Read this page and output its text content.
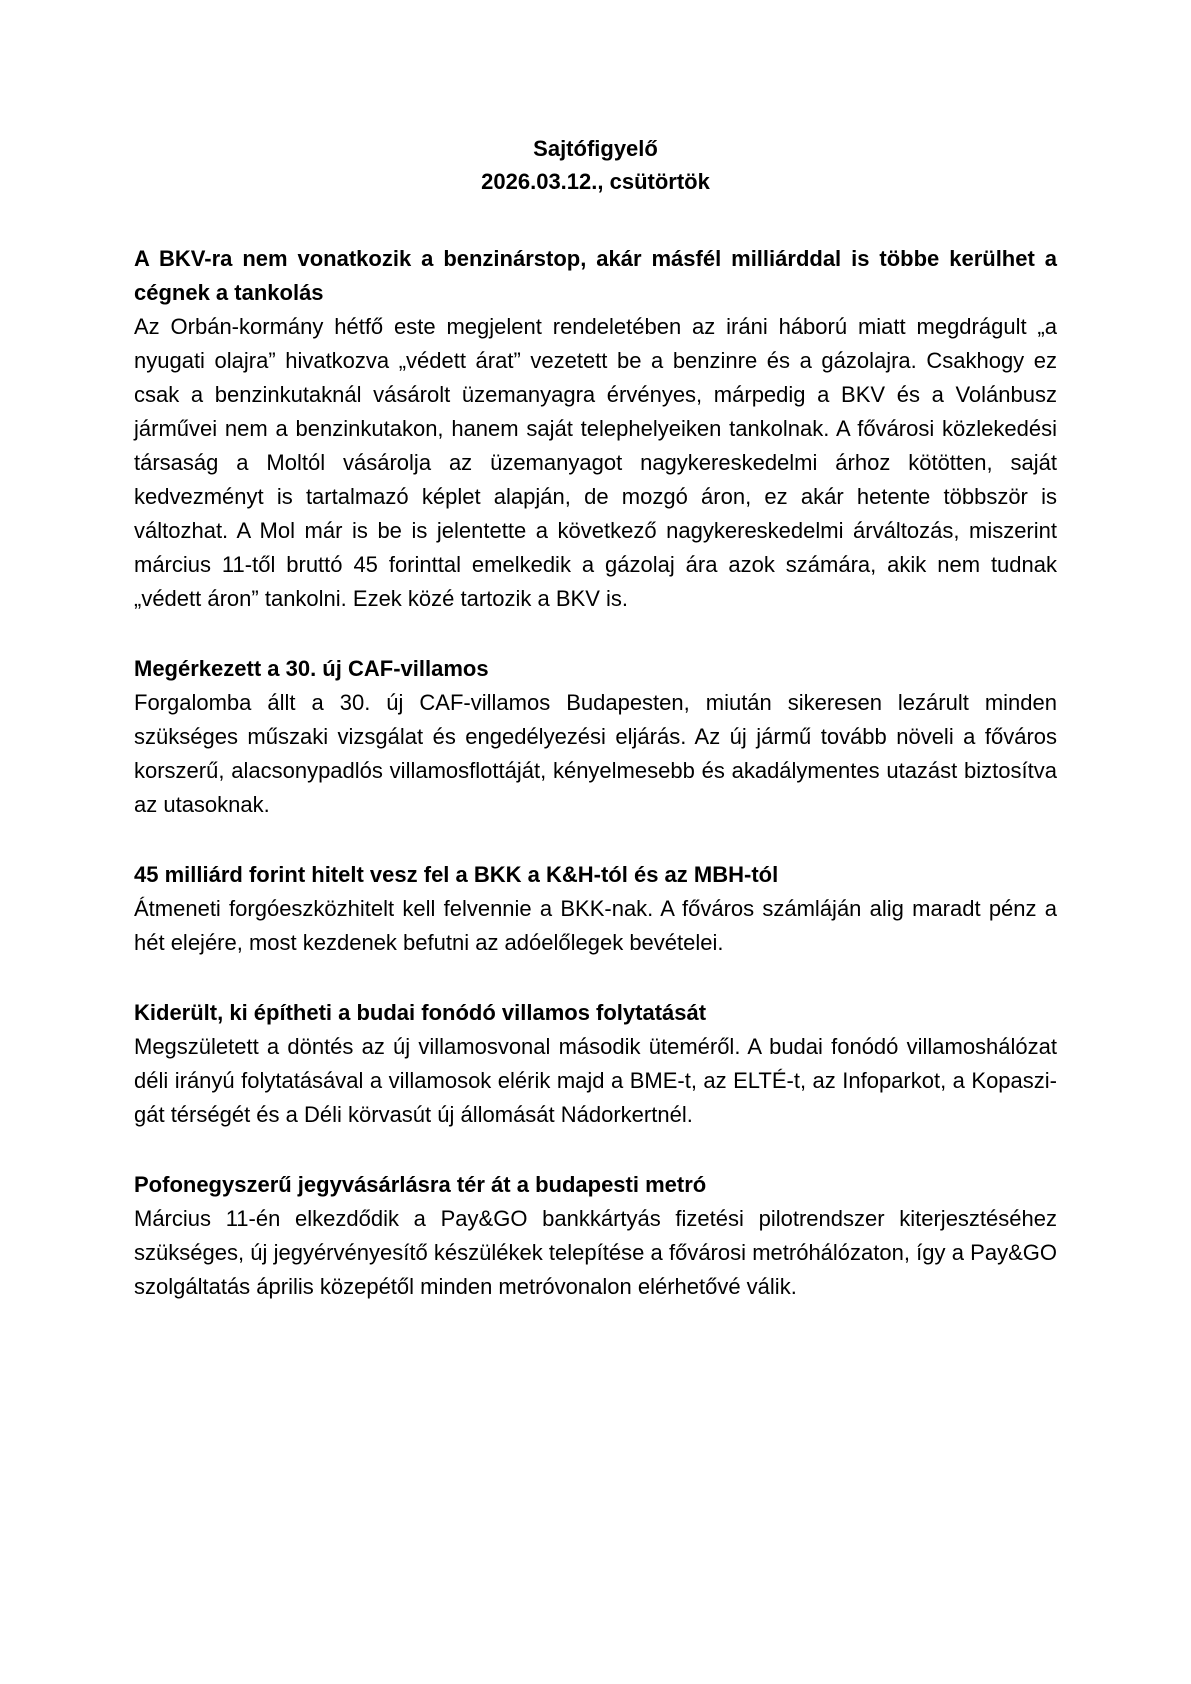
Sajtófigyelő
2026.03.12., csütörtök
A BKV-ra nem vonatkozik a benzinárstop, akár másfél milliárddal is többe kerülhet a cégnek a tankolás

Az Orbán-kormány hétfő este megjelent rendeletében az iráni háború miatt megdrágult „a nyugati olajra” hivatkozva „védett árat” vezetett be a benzinre és a gázolajra. Csakhogy ez csak a benzinkutaknál vásárolt üzemanyagra érvényes, márpedig a BKV és a Volánbusz járművei nem a benzinkutakon, hanem saját telephelyeiken tankolnak. A fővárosi közlekedési társaság a Moltól vásárolja az üzemanyagot nagykereskedelmi árhoz kötötten, saját kedvezményt is tartalmazó képlet alapján, de mozgó áron, ez akár hetente többször is változhat. A Mol már is be is jelentette a következő nagykereskedelmi árváltozás, miszerint március 11-től bruttó 45 forinttal emelkedik a gázolaj ára azok számára, akik nem tudnak „védett áron” tankolni. Ezek közé tartozik a BKV is.

Megérkezett a 30. új CAF-villamos

Forgalomba állt a 30. új CAF-villamos Budapesten, miután sikeresen lezárult minden szükséges műszaki vizsgálat és engedélyezési eljárás. Az új jármű tovább növeli a főváros korszerű, alacsonypadlós villamosflottáját, kényelmesebb és akadálymentes utazást biztosítva az utasoknak.

45 milliárd forint hitelt vesz fel a BKK a K&H-tól és az MBH-tól

Átmeneti forgóeszközhitelt kell felvennie a BKK-nak. A főváros számláján alig maradt pénz a hét elejére, most kezdenek befutni az adóelőlegek bevételei.

Kiderült, ki építheti a budai fonódó villamos folytatását

Megszületett a döntés az új villamosvonal második üteméről. A budai fonódó villamoshálózat déli irányú folytatásával a villamosok elérik majd a BME-t, az ELTÉ-t, az Infoparkot, a Kopaszi-gát térségét és a Déli körvasút új állomását Nádorkertnél.

Pofonegyszerű jegyvásárlásra tér át a budapesti metró

Március 11-én elkezdődik a Pay&GO bankkártyás fizetési pilotrendszer kiterjesztéséhez szükséges, új jegyérvényesítő készülékek telepítése a fővárosi metróhálózaton, így a Pay&GO szolgáltatás április közepétől minden metróvonalon elérhetővé válik.
